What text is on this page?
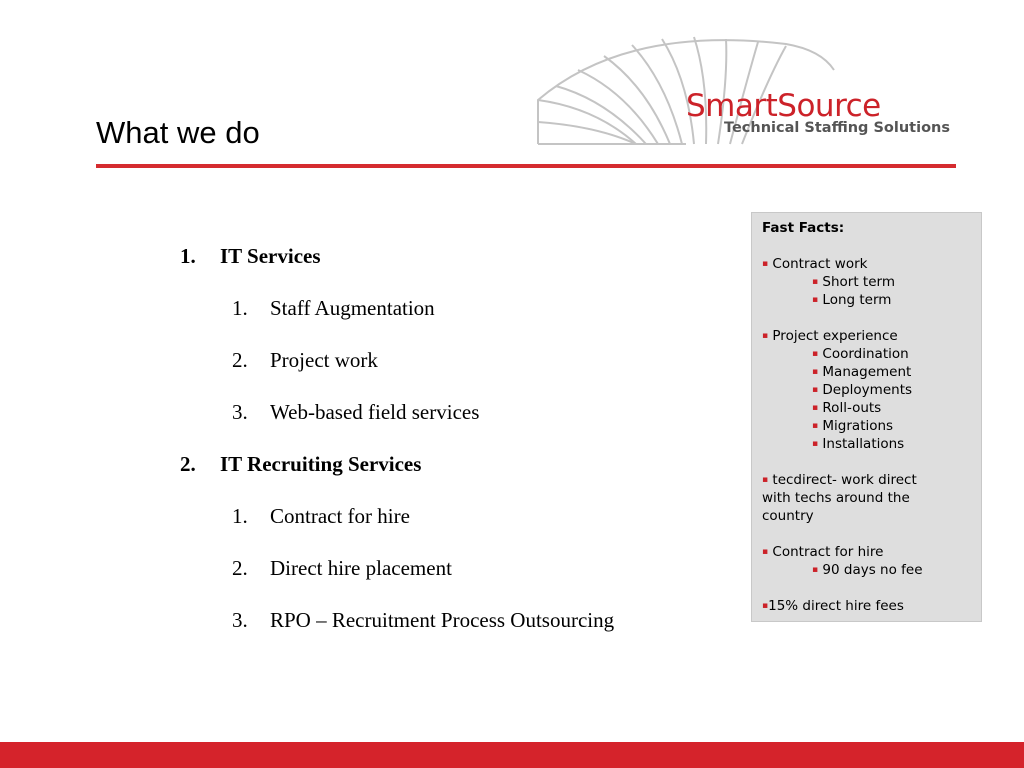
SmartSource
Technical Staffing Solutions
What we do
1. IT Services
1. Staff Augmentation
2. Project work
3. Web-based field services
2. IT Recruiting Services
1. Contract for hire
2. Direct hire placement
3. RPO – Recruitment Process Outsourcing
Fast Facts:
▪ Contract work
▪ Short term
▪ Long term
▪ Project experience
▪ Coordination
▪ Management
▪ Deployments
▪ Roll-outs
▪ Migrations
▪ Installations
▪ tecdirect- work direct
with techs around the
country
▪ Contract for hire
▪ 90 days no fee
▪15% direct hire fees
